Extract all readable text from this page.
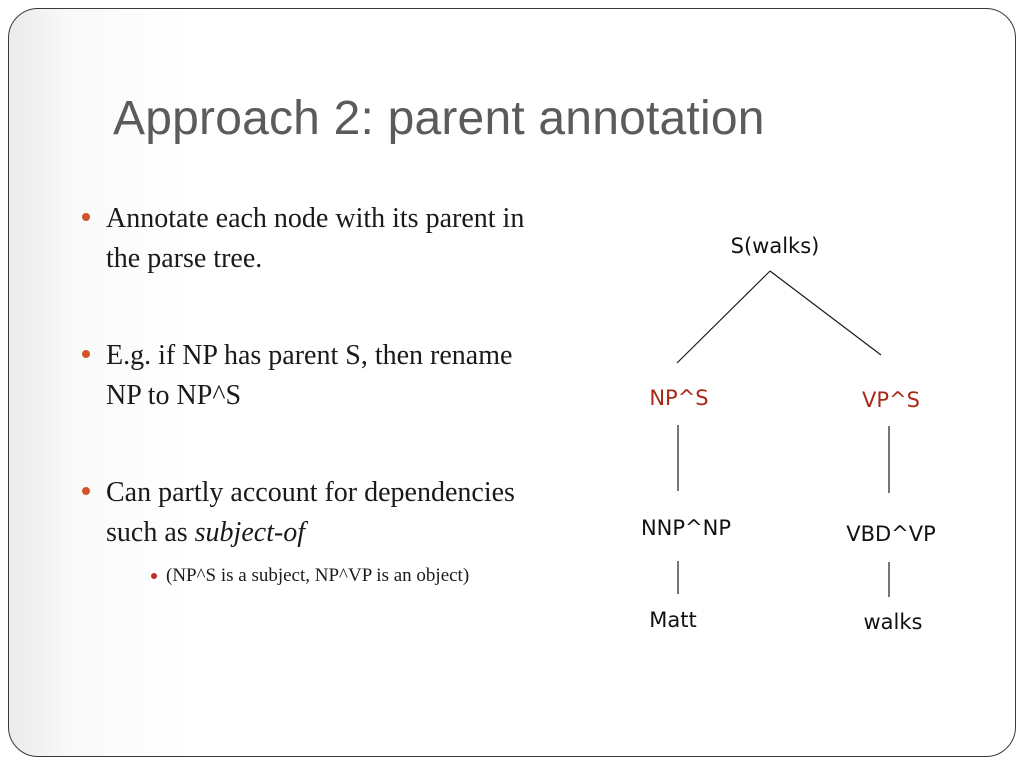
Approach 2: parent annotation
Annotate each node with its parent in the parse tree.
E.g. if NP has parent S, then rename NP to NP^S
Can partly account for dependencies such as subject-of
(NP^S is a subject, NP^VP is an object)
S(walks)
NP^S	VP^S
NNP^NP	VBD^VP
Matt	walks
